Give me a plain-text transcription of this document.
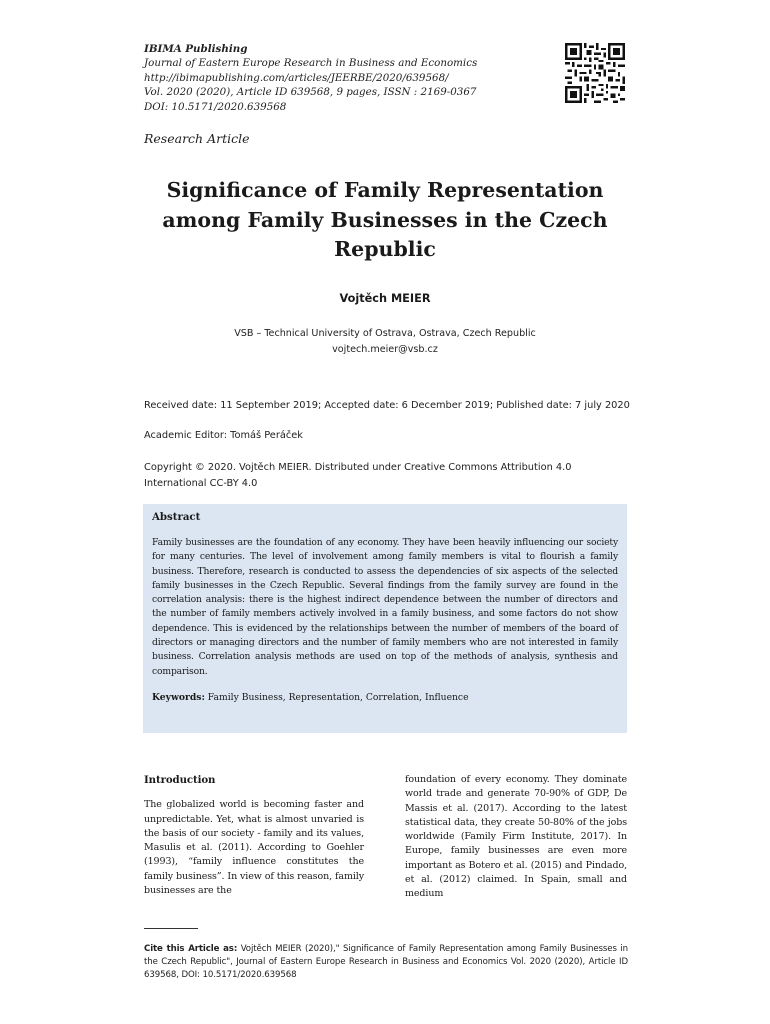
IBIMA Publishing
Journal of Eastern Europe Research in Business and Economics
http://ibimapublishing.com/articles/JEERBE/2020/639568/
Vol. 2020 (2020), Article ID 639568, 9 pages, ISSN : 2169-0367
DOI: 10.5171/2020.639568
Research Article
Significance of Family Representation among Family Businesses in the Czech Republic
Vojtěch MEIER
VSB – Technical University of Ostrava, Ostrava, Czech Republic
vojtech.meier@vsb.cz
Received date: 11 September 2019; Accepted date: 6 December 2019; Published date: 7 july 2020
Academic Editor: Tomáš Peráček
Copyright © 2020. Vojtěch MEIER. Distributed under Creative Commons Attribution 4.0 International CC-BY 4.0
Abstract
Family businesses are the foundation of any economy. They have been heavily influencing our society for many centuries. The level of involvement among family members is vital to flourish a family business. Therefore, research is conducted to assess the dependencies of six aspects of the selected family businesses in the Czech Republic. Several findings from the family survey are found in the correlation analysis: there is the highest indirect dependence between the number of directors and the number of family members actively involved in a family business, and some factors do not show dependence. This is evidenced by the relationships between the number of members of the board of directors or managing directors and the number of family members who are not interested in family business. Correlation analysis methods are used on top of the methods of analysis, synthesis and comparison.
Keywords: Family Business, Representation, Correlation, Influence
Introduction
The globalized world is becoming faster and unpredictable. Yet, what is almost unvaried is the basis of our society - family and its values, Masulis et al. (2011). According to Goehler (1993), “family influence constitutes the family business”. In view of this reason, family businesses are the
foundation of every economy. They dominate world trade and generate 70-90% of GDP, De Massis et al. (2017). According to the latest statistical data, they create 50-80% of the jobs worldwide (Family Firm Institute, 2017). In Europe, family businesses are even more important as Botero et al. (2015) and Pindado, et al. (2012) claimed. In Spain, small and medium
Cite this Article as: Vojtěch MEIER (2020)," Significance of Family Representation among Family Businesses in the Czech Republic", Journal of Eastern Europe Research in Business and Economics Vol. 2020 (2020), Article ID 639568, DOI: 10.5171/2020.639568
